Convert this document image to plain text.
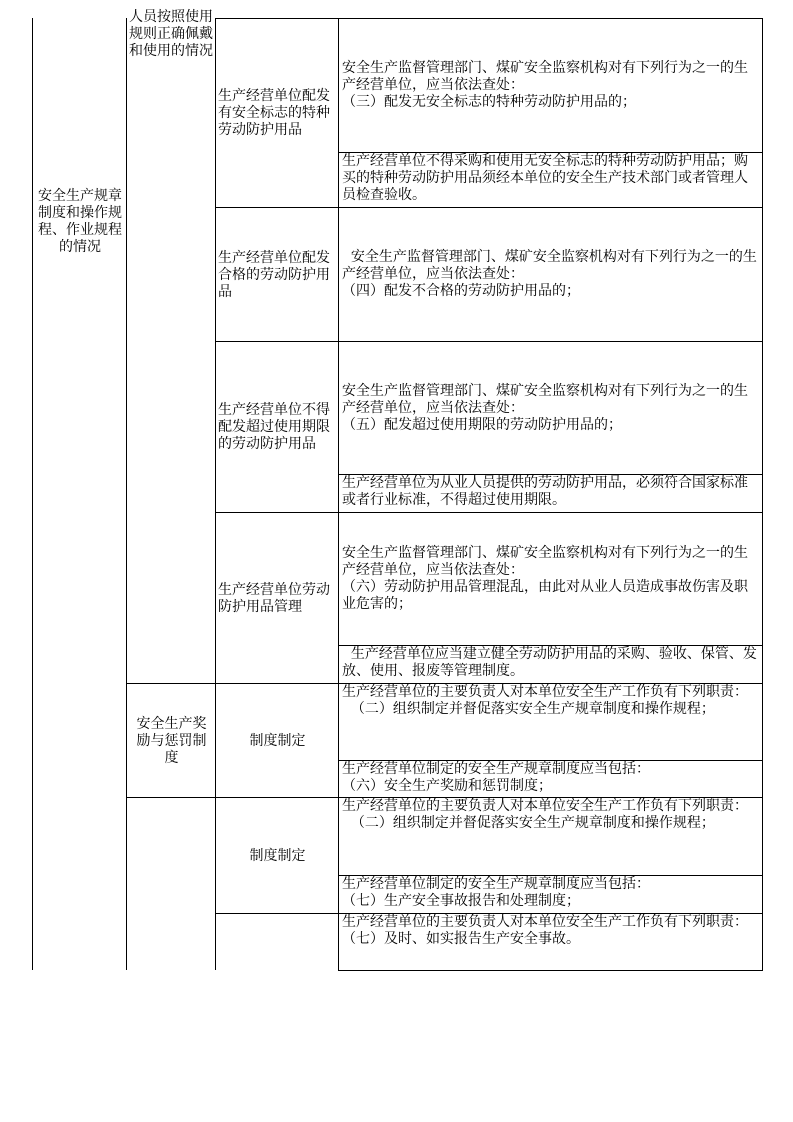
安全生产规章制度和操作规程、作业规程的情况
人员按照使用规则正确佩戴和使用的情况
安全生产奖励与惩罚制度
生产经营单位配发有安全标志的特种劳动防护用品
生产经营单位配发合格的劳动防护用品
生产经营单位不得配发超过使用期限的劳动防护用品
生产经营单位劳动防护用品管理
制度制定
制度制定
安全生产监督管理部门、煤矿安全监察机构对有下列行为之一的生产经营单位，应当依法查处：
（三）配发无安全标志的特种劳动防护用品的；
生产经营单位不得采购和使用无安全标志的特种劳动防护用品；购买的特种劳动防护用品须经本单位的安全生产技术部门或者管理人员检查验收。
安全生产监督管理部门、煤矿安全监察机构对有下列行为之一的生产经营单位，应当依法查处：
（四）配发不合格的劳动防护用品的；
安全生产监督管理部门、煤矿安全监察机构对有下列行为之一的生产经营单位，应当依法查处：
（五）配发超过使用期限的劳动防护用品的；
生产经营单位为从业人员提供的劳动防护用品，必须符合国家标准或者行业标准，不得超过使用期限。
安全生产监督管理部门、煤矿安全监察机构对有下列行为之一的生产经营单位，应当依法查处：
（六）劳动防护用品管理混乱，由此对从业人员造成事故伤害及职业危害的；
生产经营单位应当建立健全劳动防护用品的采购、验收、保管、发放、使用、报废等管理制度。
生产经营单位的主要负责人对本单位安全生产工作负有下列职责：
（二）组织制定并督促落实安全生产规章制度和操作规程；
生产经营单位制定的安全生产规章制度应当包括：
（六）安全生产奖励和惩罚制度；
生产经营单位的主要负责人对本单位安全生产工作负有下列职责：
（二）组织制定并督促落实安全生产规章制度和操作规程；
生产经营单位制定的安全生产规章制度应当包括：
（七）生产安全事故报告和处理制度；
生产经营单位的主要负责人对本单位安全生产工作负有下列职责：
（七）及时、如实报告生产安全事故。
